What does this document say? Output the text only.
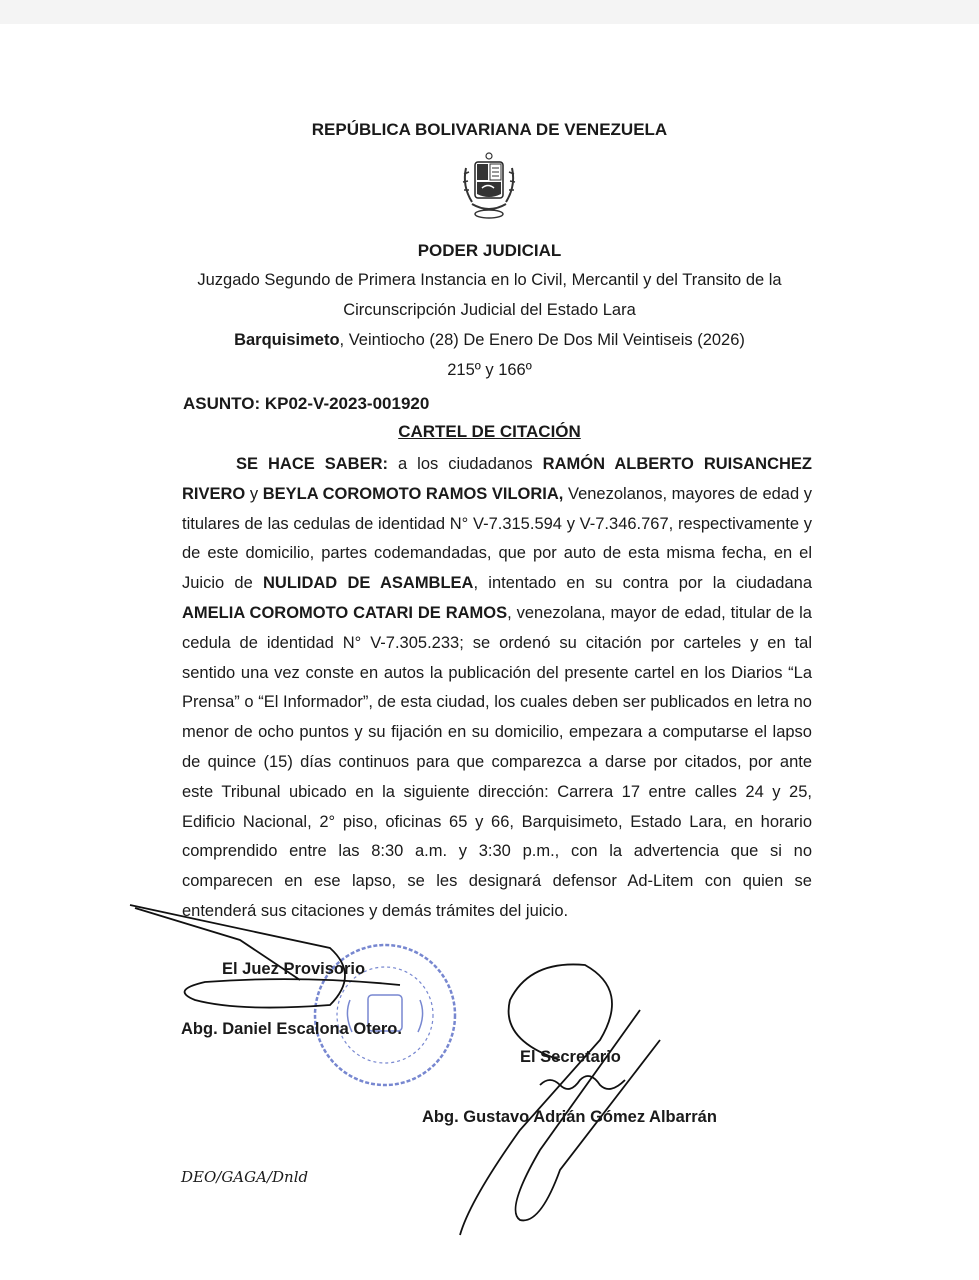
REPÚBLICA BOLIVARIANA DE VENEZUELA
PODER JUDICIAL
Juzgado Segundo de Primera Instancia en lo Civil, Mercantil y del Transito de la
Circunscripción Judicial del Estado Lara
Barquisimeto, Veintiocho (28) De Enero De Dos Mil Veintiseis (2026)
215º y 166º
ASUNTO: KP02-V-2023-001920
CARTEL DE CITACIÓN

SE HACE SABER: a los ciudadanos RAMÓN ALBERTO RUISANCHEZ RIVERO y BEYLA COROMOTO RAMOS VILORIA, Venezolanos, mayores de edad y titulares de las cedulas de identidad N° V-7.315.594 y V-7.346.767, respectivamente y de este domicilio, partes codemandadas, que por auto de esta misma fecha, en el Juicio de NULIDAD DE ASAMBLEA, intentado en su contra por la ciudadana AMELIA COROMOTO CATARI DE RAMOS, venezolana, mayor de edad, titular de la cedula de identidad N° V-7.305.233; se ordenó su citación por carteles y en tal sentido una vez conste en autos la publicación del presente cartel en los Diarios “La Prensa” o “El Informador”, de esta ciudad, los cuales deben ser publicados en letra no menor de ocho puntos y su fijación en su domicilio, empezara a computarse el lapso de quince (15) días continuos para que comparezca a darse por citados, por ante este Tribunal ubicado en la siguiente dirección: Carrera 17 entre calles 24 y 25, Edificio Nacional, 2° piso, oficinas 65 y 66, Barquisimeto, Estado Lara, en horario comprendido entre las 8:30 a.m. y 3:30 p.m., con la advertencia que si no comparecen en ese lapso, se les designará defensor Ad-Litem con quien se entenderá sus citaciones y demás trámites del juicio.

El Juez Provisorio
Abg. Daniel Escalona Otero.
El Secretario
Abg. Gustavo Adrián Gómez Albarrán
DEO/GAGA/Dnld
